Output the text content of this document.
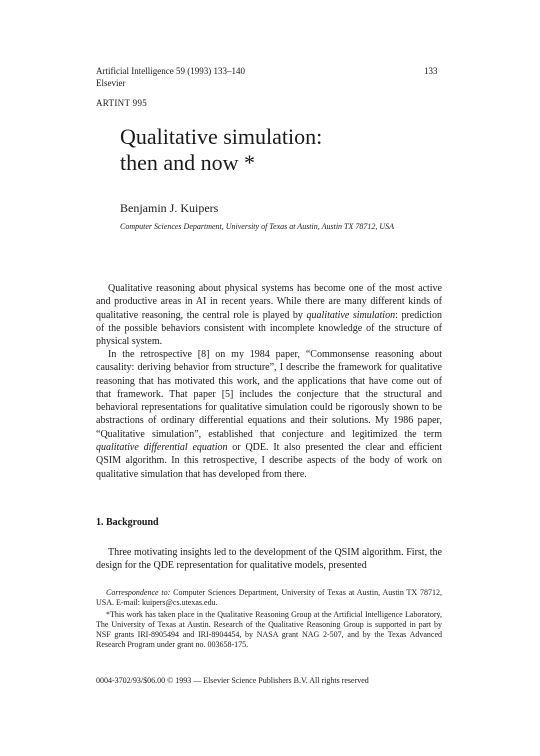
Artificial Intelligence 59 (1993) 133–140
Elsevier
133
ARTINT 995
Qualitative simulation:
then and now *
Benjamin J. Kuipers
Computer Sciences Department, University of Texas at Austin, Austin TX 78712, USA

Qualitative reasoning about physical systems has become one of the most active and productive areas in AI in recent years. While there are many different kinds of qualitative reasoning, the central role is played by qualitative simulation: prediction of the possible behaviors consistent with incomplete knowledge of the structure of physical system.

In the retrospective [8] on my 1984 paper, “Commonsense reasoning about causality: deriving behavior from structure”, I describe the framework for qualitative reasoning that has motivated this work, and the applications that have come out of that framework. That paper [5] includes the conjecture that the structural and behavioral representations for qualitative simulation could be rigorously shown to be abstractions of ordinary differential equations and their solutions. My 1986 paper, “Qualitative simulation”, established that conjecture and legitimized the term qualitative differential equation or QDE. It also presented the clear and efficient QSIM algorithm. In this retrospective, I describe aspects of the body of work on qualitative simulation that has developed from there.

1. Background

Three motivating insights led to the development of the QSIM algorithm. First, the design for the QDE representation for qualitative models, presented

Correspondence to: Computer Sciences Department, University of Texas at Austin, Austin TX 78712, USA. E-mail: kuipers@cs.utexas.edu.

*This work has taken place in the Qualitative Reasoning Group at the Artificial Intelligence Laboratory, The University of Texas at Austin. Research of the Qualitative Reasoning Group is supported in part by NSF grants IRI-8905494 and IRI-8904454, by NASA grant NAG 2-507, and by the Texas Advanced Research Program under grant no. 003658-175.

0004-3702/93/$06.00 © 1993 — Elsevier Science Publishers B.V. All rights reserved
